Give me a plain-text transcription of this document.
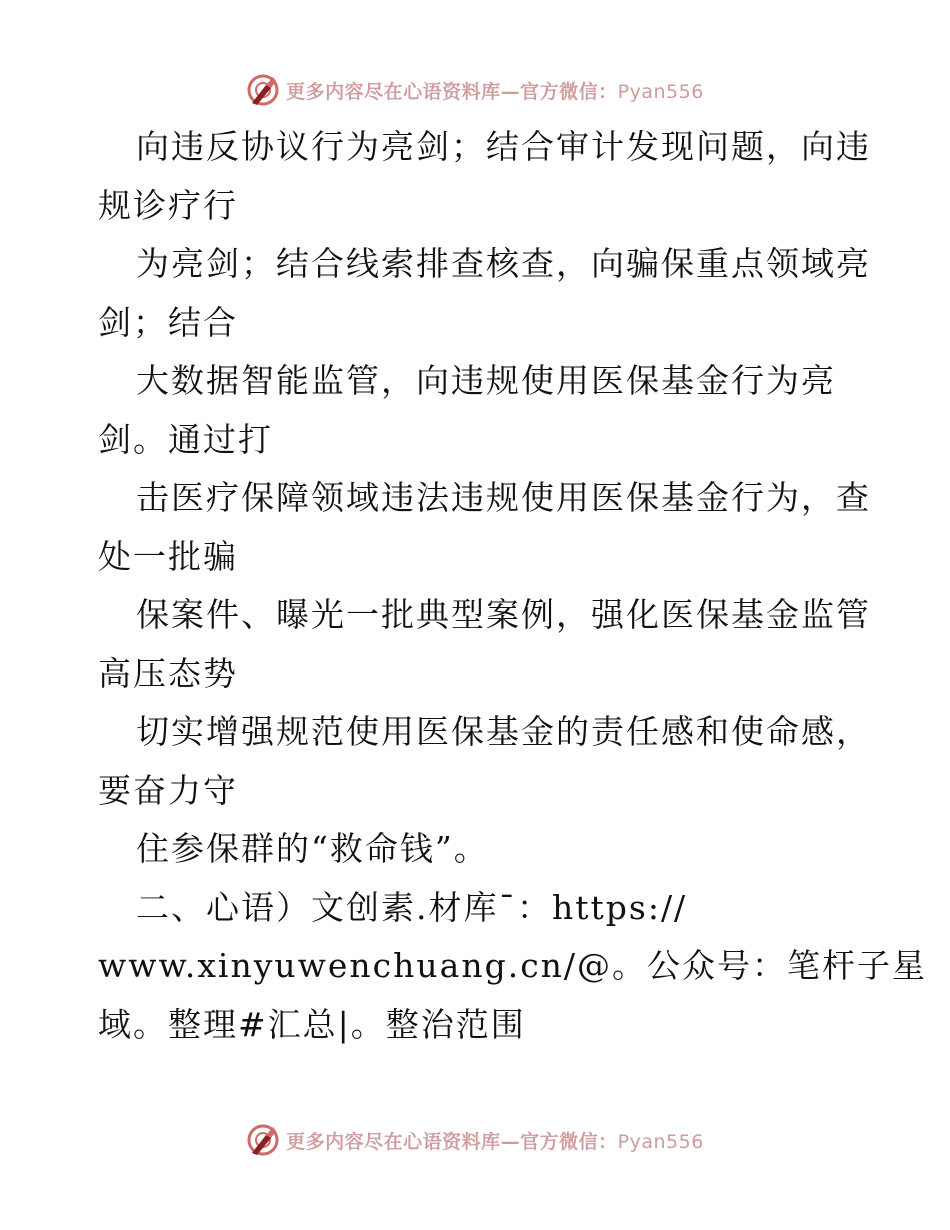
更多内容尽在心语资料库—官方微信：Pyan556
向违反协议行为亮剑；结合审计发现问题，向违
规诊疗行
为亮剑；结合线索排查核查，向骗保重点领域亮
剑；结合
大数据智能监管，向违规使用医保基金行为亮
剑。通过打
击医疗保障领域违法违规使用医保基金行为，查
处一批骗
保案件、曝光一批典型案例，强化医保基金监管
高压态势
切实增强规范使用医保基金的责任感和使命感，
要奋力守
住参保群的“救命钱”。
二、心语）文创素.材库ˉ：https://
www.xinyuwenchuang.cn/@。公众号：笔杆子星
域。整理#汇总|。整治范围
更多内容尽在心语资料库—官方微信：Pyan556
